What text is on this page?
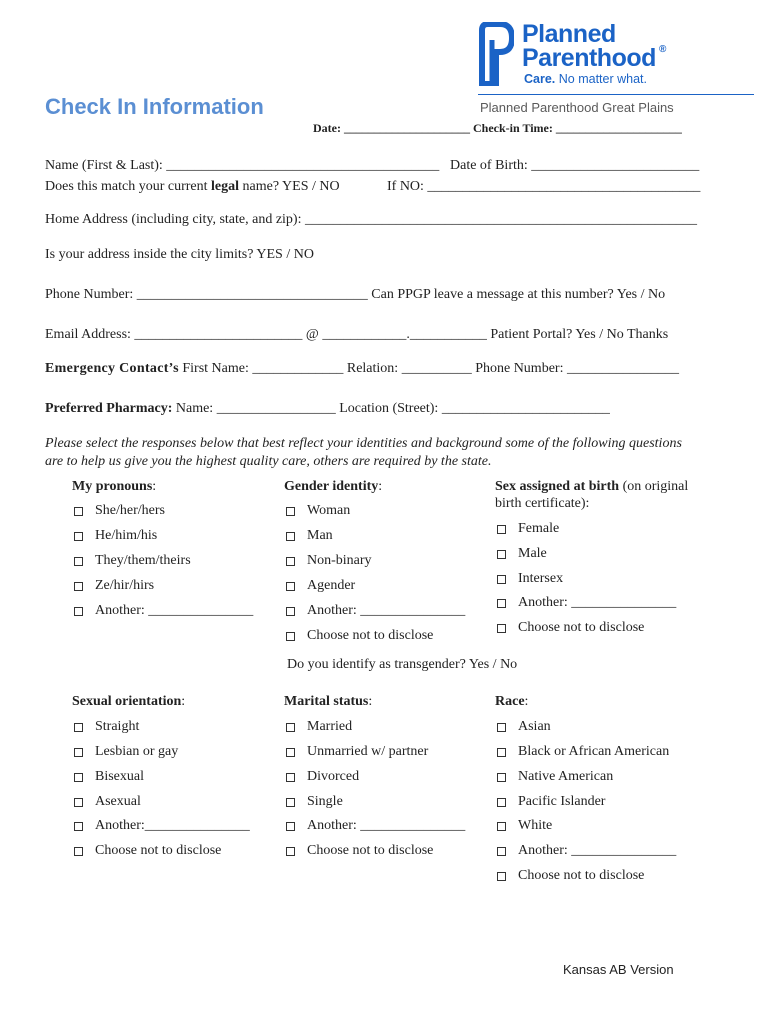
Planned
Parenthood ®
Care. No matter what.
Planned Parenthood Great Plains
Check In Information
Date: _____________________ Check-in Time: _____________________
Name (First & Last): _______________________________________ Date of Birth: ________________________
Does this match your current legal name? YES / NO	If NO: _______________________________________
Home Address (including city, state, and zip): ________________________________________________________
Is your address inside the city limits? YES / NO
Phone Number: _________________________________ Can PPGP leave a message at this number? Yes / No
Email Address: ________________________ @ ____________.___________ Patient Portal? Yes / No Thanks
Emergency Contact’s First Name: _____________ Relation: __________ Phone Number: ________________
Preferred Pharmacy: Name: _________________ Location (Street): ________________________
Please select the responses below that best reflect your identities and background some of the following questions
are to help us give you the highest quality care, others are required by the state.
My pronouns:
She/her/hers
He/him/his
They/them/theirs
Ze/hir/hirs
Another: _______________
Gender identity:
Woman
Man
Non-binary
Agender
Another: _______________
Choose not to disclose
Sex assigned at birth (on original
birth certificate):
Female
Male
Intersex
Another: _______________
Choose not to disclose
Do you identify as transgender? Yes / No
Sexual orientation:
Straight
Lesbian or gay
Bisexual
Asexual
Another:_______________
Choose not to disclose
Marital status:
Married
Unmarried w/ partner
Divorced
Single
Another: _______________
Choose not to disclose
Race:
Asian
Black or African American
Native American
Pacific Islander
White
Another: _______________
Choose not to disclose
Kansas AB Version
